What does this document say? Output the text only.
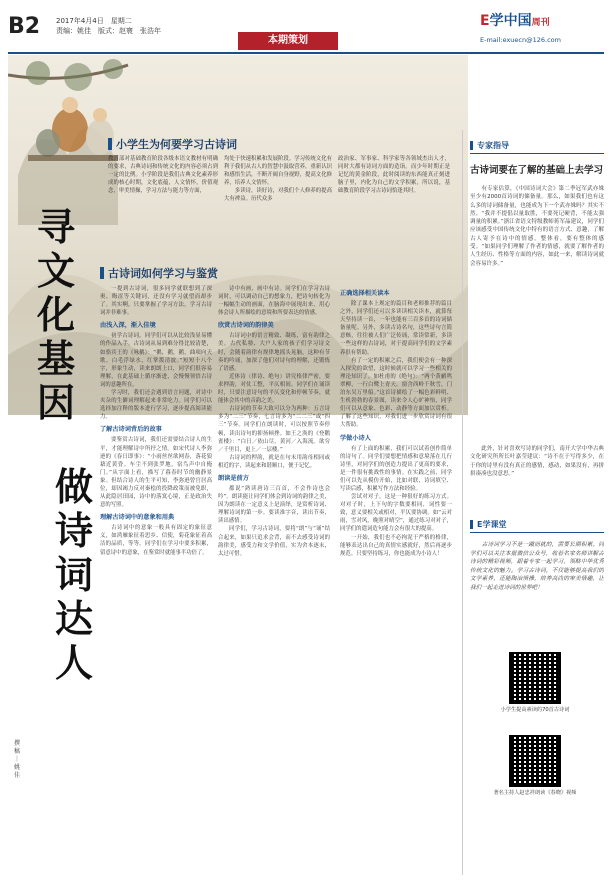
B2 2017年4月4日　星期二
责编：姚佳　版式：赵寰　张浩年
本期策划
E学中国周刊
E-mail:exuecn@126.com
寻文化基因
做诗词达人
撰稿｜姚佳
小学生为何要学习古诗词
教育部对基础教育阶段各级本语文教材有明确的要求，古典诗词和传统文化的内容必须占到一定的比例。小学阶段是我们古典文化素养形成的核心时期，文化底蕴，人文情怀，价值观念，审美情操，学习方法与能力等方面，
均处于快速积累和发展阶段。学习传统文化有利于我们从古人的智慧中汲取营养，重新认识和感悟生活，不断开阔自身视野，提高文化修养，培养人文情怀。
　　多读诗，读好诗，对我们个人修养的提高大有裨益。历代众多
政治家、军事家、科学家等各领域杰出人才，同时大都有诗词方面的造诣。而少年时期正是记忆的黄金阶段，此时阅读的东西能真正刻进脑子里，内化为自己的文学积累，所以说，基础教育阶段学习古诗词恰逢其时。
古诗词如何学习与鉴赏
一提到古诗词，很多同学就联想到了深奥、晦涩等关键词，还没有学习就望而却步了。其实啊，只要掌握了学习方法，学习古诗词并非难事。
由浅入深，渐入佳境
初学古诗词，同学们可以从比较浅显易懂的作品入手。古诗词从易到难分得比较清楚，如骆宾王的《咏鹅》：“鹅，鹅，鹅，曲项向天歌。白毛浮绿水，红掌拨清波。”短短十八个字，形象生动，读来朗朗上口，同学们很容易理解，在此基础上循序渐进，会慢慢领悟古诗词的意趣所在。
学习时，我们还会遇到语言问题，对诗中夹杂的生僻词理解起来非常吃力。同学们可以选择加注释的版本进行学习，逐步提高阅读能力。
了解古诗词背后的故事
要鉴赏古诗词，我们还需要结合诗人的生平，才能理解诗中所抒之情。如宋代诗人李弥逊的《春日即事》：“小雨丝丝欲网春，落花狼藉近黄昏。车尘不到张罗地，宿鸟声中自掩门。”从字面上看，描写了暮春时节的幽静景象。但结合诗人的生平可知，李弥逊曾官居高位，却因竭力反对秦桧的投降政策而被免职，从此隐居田园，诗中的落寞心境，正是政治失意的写照。
理解古诗词中的意象和用典
古诗词中的意象一般具有固定的象征意义，如鸿雁象征着思乡、信使，菊花象征着高洁的品质，等等。同学们在学习中要多积累，留意诗中的意象，在鉴赏时就能事半功倍了。
诗中有画，画中有诗。同学们在学习古诗词时，可以调动自己的想象力，把诗句转化为一幅幅生动的画面，在脑海中展现出来，用心体会诗人所描绘的意境和所要表达的情感。
欣赏古诗词的韵律美
古诗词中的语言精致、凝练，富有韵律之美。古代私塾、大户人家的孩子们学习诗文时，会随着韵律有规律地摇头晃脑，这种有节奏的吟诵，加深了他们对诗句的理解，还锻炼了语感。
近体诗（律诗、绝句）讲究格律严密，要求押韵，对仗工整，平仄相间。同学们在诵读时，只要注意诗句的平仄变化和停顿节奏，就能体会其中的音韵之美。
古诗词的节奏大致可以分为两种：五言诗多为“二三”节奏，七言诗多为“二二三”或“四三”节奏。同学们在朗读时，可以按照节奏停顿，读出诗句的抑扬顿挫。如王之涣的《登鹳雀楼》：“白日／依山尽，黄河／入海流。欲穷／千里目，更上／一层楼。”
古诗词的押韵，就是在句末用韵母相同或相近的字，读起来和谐顺口，便于记忆。
朗读是前方
都说“熟读唐诗三百首，不会作诗也会吟”。朗读能让同学们体会到诗词的韵律之美，因为朗读在一定意义上是演绎，是赏析诗词、理解诗词的第一步。要读准字音，读出节奏，读出感情。
同学们，学习古诗词，要将“朗”与“诵”结合起来，如果只追求会背，而不去感受诗词的韵律美，感受力和文学价值，实为舍本逐末，太过可惜。
正确选择相关读本
除了课本上规定的篇目和老师推荐的篇目之外，同学们还可以多读读相关读本，就算每天坚持读一首，一年也能有三百多首的诗词储备量呢。另外，多读古诗名句，这些诗句言简意赅，往往被人们广泛传诵，常读常新，多读一些这样的古诗词，对于提高同学们的文学素养很有帮助。
有了一定的积累之后，我们便会有一种深入探究的欲望，这时候就可以学习一些相关的理论知识了。如杜甫的《绝句》：“两个黄鹂鸣翠柳，一行白鹭上青天。窗含西岭千秋雪，门泊东吴万里船。”这首诗描绘了一幅色彩鲜明、生机勃勃的春景图，读来令人心旷神怡，同学们可以从意象、色彩、动静等方面加以赏析。了解了这些知识，对我们进一步欣赏诗词有很大帮助。
学做小诗人
有了上面的积累，我们可以试着创作简单的诗句了。同学们要想把情感和意境落在几行诗里，对同学们的创造力提出了更高的要求，是一件很有挑战性的事情。在实践之前，同学们可以先从模仿开始，比如对联、诗词填空、写读后感，积累写作方法和经验。
尝试对对子，这是一种很好的练习方式。对对子时，上下句的字数要相同，词性要一致，意义要相关或相对，平仄要协调。如“云对雨，雪对风，晚照对晴空”，通过练习对对子，同学们的遣词造句能力会有很大的提高。
一开始，我们也不必拘泥于严格的格律，能够表达出自己的真情实感就好，然后再逐步规范。只要坚持练习，你也能成为小诗人！
专家指导
古诗词要在了解的基础上去学习
　　有专家估算，《中国诗词大会》第二季冠军武亦姝至少有2000首诗词的储备量。那么，如果我们也有这么多的诗词储备量，也能成为下一个武亦姝吗？其实不然。“我并不提倡以量取胜，不要死记硬背，不能太强调量的积累。”浙江省语文特级教师蒋军晶建议，同学们应该感受中国传统文化中特有的语言方式、意趣，了解古人寄予在诗中的情感。整体看，要有整体的感受。“如果同学们理解了作者的情感，就要了解作者的人生经历、性格等方面的内容，如此一来，解读诗词就会容易许多。”
　　此外，针对喜欢写诗的同学们，南开大学中华古典文化研究所所长叶嘉莹建议：“诗不在于写得多少，在于你的诗里有没有真正的感情，感动，如果没有，再拼拼凑凑也没意思。”
E学课堂
　　古诗词学习不是一蹴而就的，需要长期积累。同学们可以关注本报微信公众号，收看名家名师讲解古诗词的精彩视频，跟着专家一起学习，领略中华优秀传统文化的魅力。学习古诗词，不仅能够提高我们的文学素养，还能陶冶情操，培养高尚的审美情趣，让我们一起走进诗词的世界吧！
小学生提高素读的70首古诗词
著名主持人赵忠祥朗读《春晓》视频
